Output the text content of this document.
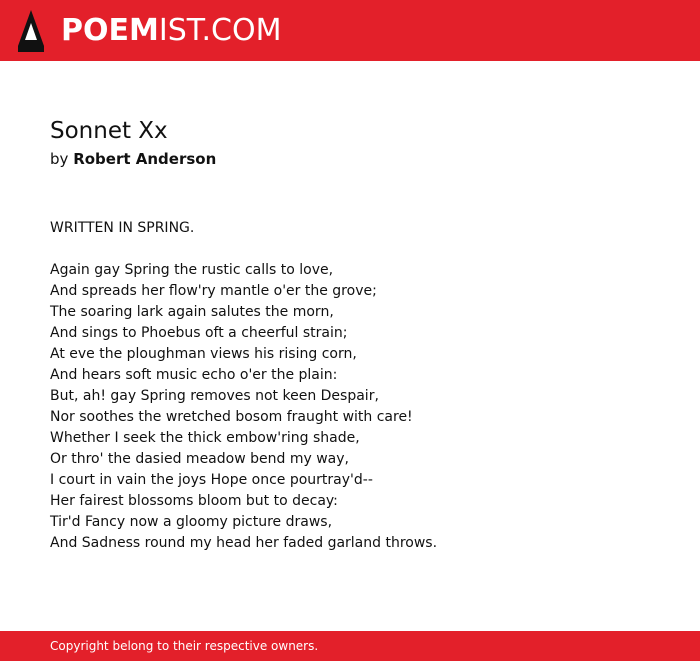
POEMIST.COM
Sonnet Xx

by Robert Anderson

WRITTEN IN SPRING.
Again gay Spring the rustic calls to love,
And spreads her flow'ry mantle o'er the grove;
The soaring lark again salutes the morn,
And sings to Phoebus oft a cheerful strain;
At eve the ploughman views his rising corn,
And hears soft music echo o'er the plain:
But, ah! gay Spring removes not keen Despair,
Nor soothes the wretched bosom fraught with care!
Whether I seek the thick embow'ring shade,
Or thro' the dasied meadow bend my way,
I court in vain the joys Hope once pourtray'd--
Her fairest blossoms bloom but to decay:
Tir'd Fancy now a gloomy picture draws,
And Sadness round my head her faded garland throws.
Copyright belong to their respective owners.
